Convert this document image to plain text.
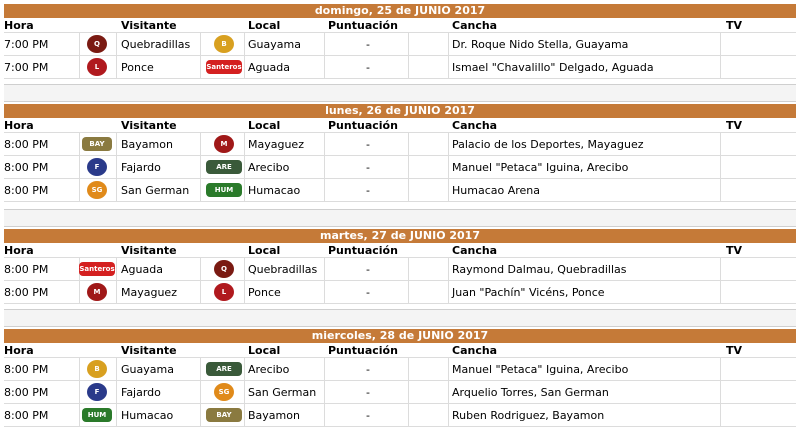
domingo, 25 de JUNIO 2017
Hora	Visitante	Local	Puntuación	Cancha	TV
7:00 PM	Q	Quebradillas	B	Guayama	-	Dr. Roque Nido Stella, Guayama
7:00 PM	L	Ponce	Santeros Aguada	-	Ismael "Chavalillo" Delgado, Aguada
lunes, 26 de JUNIO 2017
Hora	Visitante	Local	Puntuación	Cancha	TV
8:00 PM	BAY	Bayamon	M	Mayaguez	-	Palacio de los Deportes, Mayaguez
8:00 PM	F	Fajardo	ARE	Arecibo	-	Manuel "Petaca" Iguina, Arecibo
8:00 PM	SG	San German	HUM	Humacao	-	Humacao Arena
martes, 27 de JUNIO 2017
Hora	Visitante	Local	Puntuación	Cancha	TV
8:00 PM	Santeros Aguada	Q	Quebradillas	-	Raymond Dalmau, Quebradillas
8:00 PM	M	Mayaguez	L	Ponce	-	Juan "Pachín" Vicéns, Ponce
miercoles, 28 de JUNIO 2017
Hora	Visitante	Local	Puntuación	Cancha	TV
8:00 PM	B	Guayama	ARE	Arecibo	-	Manuel "Petaca" Iguina, Arecibo
8:00 PM	F	Fajardo	SG	San German	-	Arquelio Torres, San German
8:00 PM	HUM	Humacao	BAY	Bayamon	-	Ruben Rodriguez, Bayamon
